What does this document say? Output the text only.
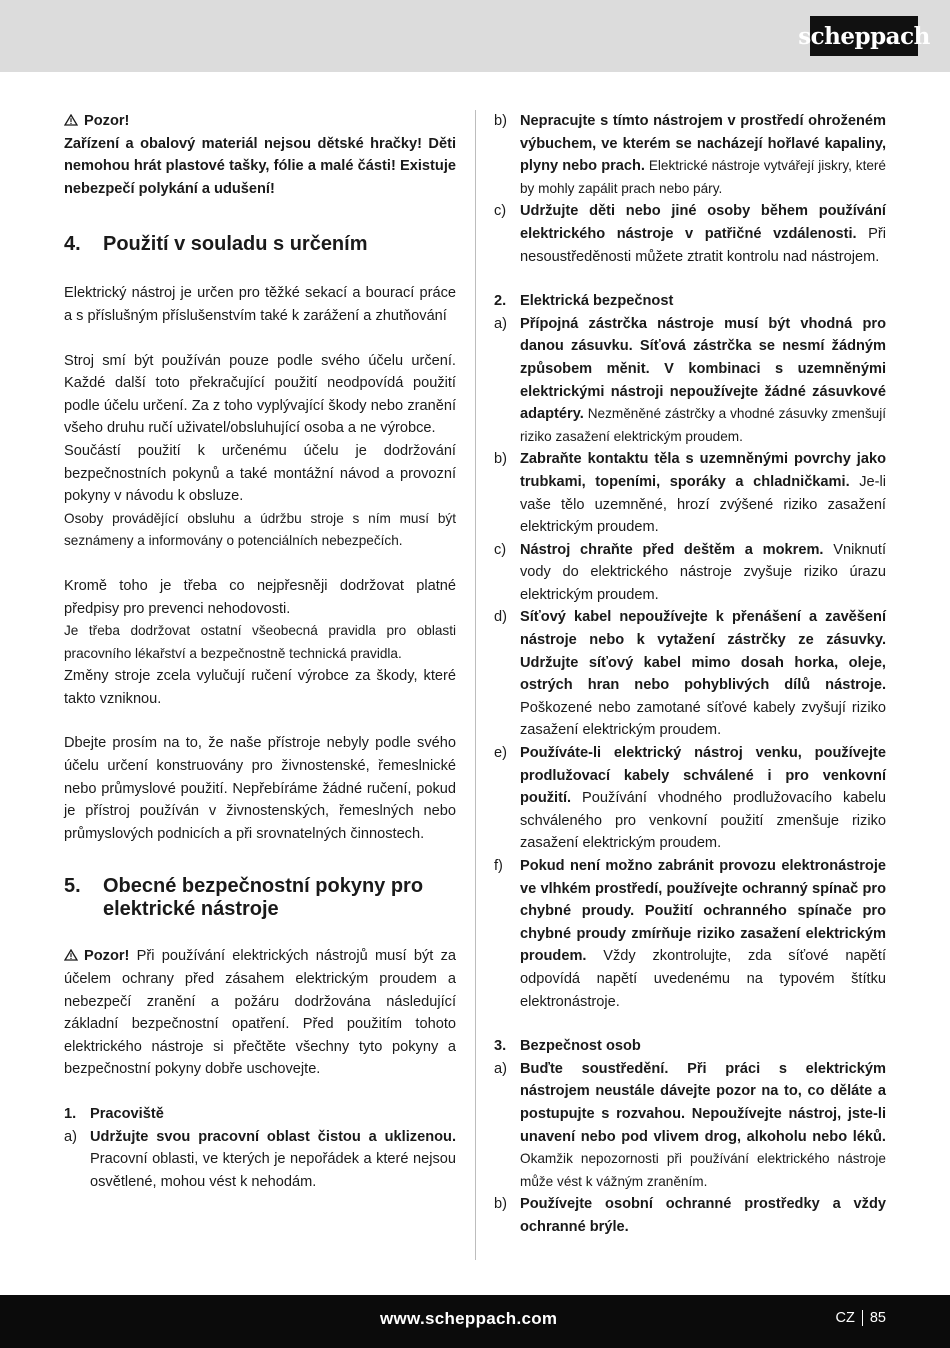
scheppach

Pozor!

Zařízení a obalový materiál nejsou dětské hračky! Děti nemohou hrát plastové tašky, fólie a malé části! Existuje nebezpečí polykání a udušení!

4.	Použití v souladu s určením

Elektrický nástroj je určen pro těžké sekací a bourací práce a s příslušným příslušenstvím také k zarážení a zhutňování

Stroj smí být používán pouze podle svého účelu určení. Každé další toto překračující použití neodpovídá použití podle účelu určení. Za z toho vyplývající škody nebo zranění všeho druhu ručí uživatel/obsluhující osoba a ne výrobce.

Součástí použití k určenému účelu je dodržování bezpečnostních pokynů a také montážní návod a provozní pokyny v návodu k obsluze.

Osoby provádějící obsluhu a údržbu stroje s ním musí být seznámeny a informovány o potenciálních nebezpečích.

Kromě toho je třeba co nejpřesněji dodržovat platné předpisy pro prevenci nehodovosti.

Je třeba dodržovat ostatní všeobecná pravidla pro oblasti pracovního lékařství a bezpečnostně technická pravidla.

Změny stroje zcela vylučují ručení výrobce za škody, které takto vzniknou.

Dbejte prosím na to, že naše přístroje nebyly podle svého účelu určení konstruovány pro živnostenské, řemeslnické nebo průmyslové použití. Nepřebíráme žádné ručení, pokud je přístroj používán v živnostenských, řemeslných nebo průmyslových podnicích a při srovnatelných činnostech.

5.	Obecné bezpečnostní pokyny pro elektrické nástroje

Pozor! Při používání elektrických nástrojů musí být za účelem ochrany před zásahem elektrickým proudem a nebezpečí zranění a požáru dodržována následující základní bezpečnostní opatření. Před použitím tohoto elektrického nástroje si přečtěte všechny tyto pokyny a bezpečnostní pokyny dobře uschovejte.

1. Pracoviště
a) Udržujte svou pracovní oblast čistou a uklizenou. Pracovní oblasti, ve kterých je nepořádek a které nejsou osvětlené, mohou vést k nehodám.
b) Nepracujte s tímto nástrojem v prostředí ohroženém výbuchem, ve kterém se nacházejí hořlavé kapaliny, plyny nebo prach. Elektrické nástroje vytvářejí jiskry, které by mohly zapálit prach nebo páry.
c) Udržujte děti nebo jiné osoby během používání elektrického nástroje v patřičné vzdálenosti. Při nesoustředěnosti můžete ztratit kontrolu nad nástrojem.
2. Elektrická bezpečnost
a) Přípojná zástrčka nástroje musí být vhodná pro danou zásuvku. Síťová zástrčka se nesmí žádným způsobem měnit. V kombinaci s uzemněnými elektrickými nástroji nepoužívejte žádné zásuvkové adaptéry. Nezměněné zástrčky a vhodné zásuvky zmenšují riziko zasažení elektrickým proudem.
b) Zabraňte kontaktu těla s uzemněnými povrchy jako trubkami, topeními, sporáky a chladničkami. Je-li vaše tělo uzemněné, hrozí zvýšené riziko zasažení elektrickým proudem.
c) Nástroj chraňte před deštěm a mokrem. Vniknutí vody do elektrického nástroje zvyšuje riziko úrazu elektrickým proudem.
d) Síťový kabel nepoužívejte k přenášení a zavěšení nástroje nebo k vytažení zástrčky ze zásuvky. Udržujte síťový kabel mimo dosah horka, oleje, ostrých hran nebo pohyblivých dílů nástroje. Poškozené nebo zamotané síťové kabely zvyšují riziko zasažení elektrickým proudem.
e) Používáte-li elektrický nástroj venku, používejte prodlužovací kabely schválené i pro venkovní použití. Používání vhodného prodlužovacího kabelu schváleného pro venkovní použití zmenšuje riziko zasažení elektrickým proudem.
f)	Pokud není možno zabránit provozu elektronástroje ve vlhkém prostředí, používejte ochranný spínač pro chybné proudy. Použití ochranného spínače pro chybné proudy zmírňuje riziko zasažení elektrickým proudem. Vždy zkontrolujte, zda síťové napětí odpovídá napětí uvedenému na typovém štítku elektronástroje.
3. Bezpečnost osob
a) Buďte soustředění. Při práci s elektrickým nástrojem neustále dávejte pozor na to, co děláte a postupujte s rozvahou. Nepoužívejte nástroj, jste-li unavení nebo pod vlivem drog, alkoholu nebo léků. Okamžik nepozornosti při používání elektrického nástroje může vést k vážným zraněním.
b) Používejte osobní ochranné prostředky a vždy ochranné brýle.
www.scheppach.com	CZ 85
